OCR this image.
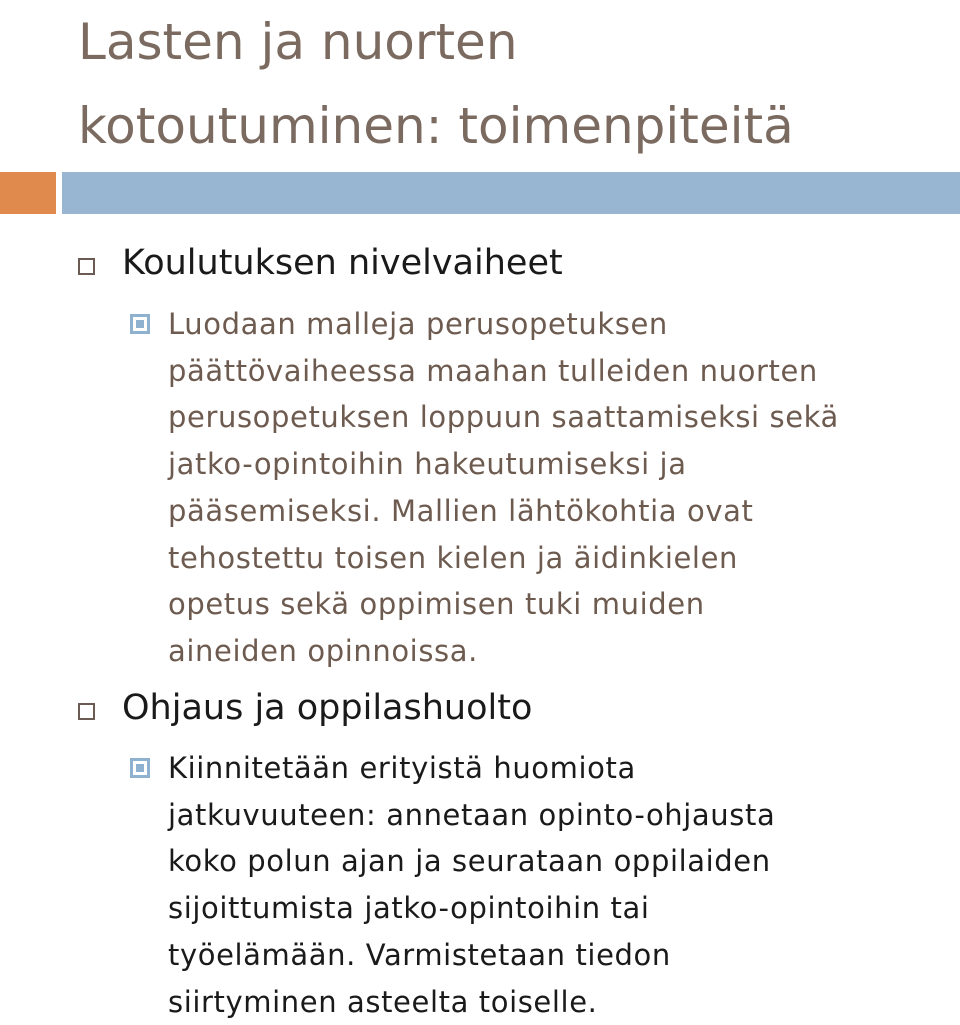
Lasten ja nuorten
kotoutuminen: toimenpiteitä
Koulutuksen nivelvaiheet
Luodaan malleja perusopetuksen
päättövaiheessa maahan tulleiden nuorten
perusopetuksen loppuun saattamiseksi sekä
jatko-opintoihin hakeutumiseksi ja
pääsemiseksi. Mallien lähtökohtia ovat
tehostettu toisen kielen ja äidinkielen
opetus sekä oppimisen tuki muiden
aineiden opinnoissa.
Ohjaus ja oppilashuolto
Kiinnitetään erityistä huomiota
jatkuvuuteen: annetaan opinto-ohjausta
koko polun ajan ja seurataan oppilaiden
sijoittumista jatko-opintoihin tai
työelämään. Varmistetaan tiedon
siirtyminen asteelta toiselle.
